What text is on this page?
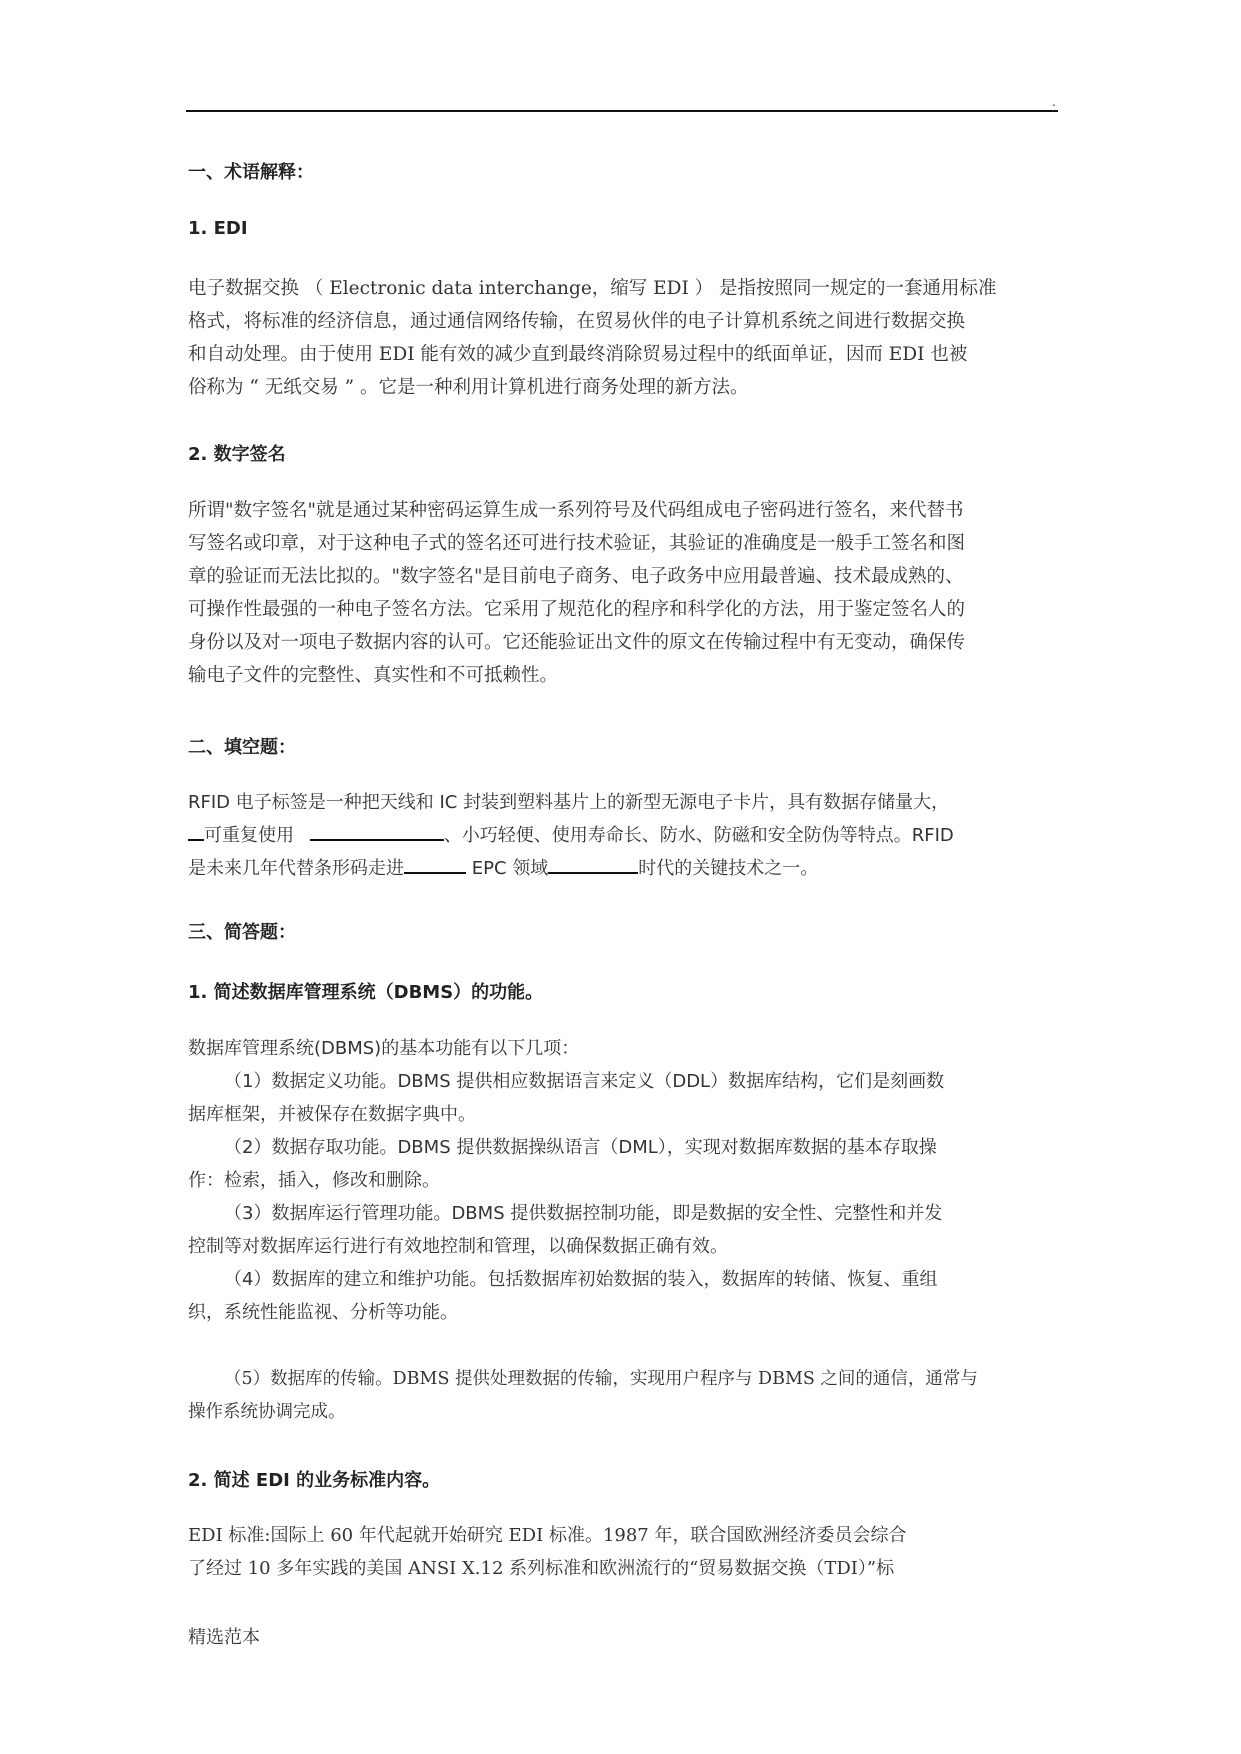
.
一、术语解释：
1. EDI
电子数据交换 （ Electronic data interchange，缩写 EDI ） 是指按照同一规定的一套通用标准
格式，将标准的经济信息，通过通信网络传输，在贸易伙伴的电子计算机系统之间进行数据交换
和自动处理。由于使用 EDI 能有效的减少直到最终消除贸易过程中的纸面单证，因而 EDI 也被
俗称为 “ 无纸交易 ” 。它是一种利用计算机进行商务处理的新方法。
2. 数字签名
所谓"数字签名"就是通过某种密码运算生成一系列符号及代码组成电子密码进行签名，来代替书
写签名或印章，对于这种电子式的签名还可进行技术验证，其验证的准确度是一般手工签名和图
章的验证而无法比拟的。"数字签名"是目前电子商务、电子政务中应用最普遍、技术最成熟的、
可操作性最强的一种电子签名方法。它采用了规范化的程序和科学化的方法，用于鉴定签名人的
身份以及对一项电子数据内容的认可。它还能验证出文件的原文在传输过程中有无变动，确保传
输电子文件的完整性、真实性和不可抵赖性。
二、填空题：
RFID 电子标签是一种把天线和 IC 封装到塑料基片上的新型无源电子卡片，具有数据存储量大，
可重复使用	、小巧轻便、使用寿命长、防水、防磁和安全防伪等特点。RFID
是未来几年代替条形码走进	EPC 领域	时代的关键技术之一。
三、简答题：
1. 简述数据库管理系统（DBMS）的功能。
数据库管理系统(DBMS)的基本功能有以下几项：
（1）数据定义功能。DBMS 提供相应数据语言来定义（DDL）数据库结构，它们是刻画数
据库框架，并被保存在数据字典中。
（2）数据存取功能。DBMS 提供数据操纵语言（DML），实现对数据库数据的基本存取操
作：检索，插入，修改和删除。
（3）数据库运行管理功能。DBMS 提供数据控制功能，即是数据的安全性、完整性和并发
控制等对数据库运行进行有效地控制和管理，以确保数据正确有效。
（4）数据库的建立和维护功能。包括数据库初始数据的装入，数据库的转储、恢复、重组
织，系统性能监视、分析等功能。
（5）数据库的传输。DBMS 提供处理数据的传输，实现用户程序与 DBMS 之间的通信，通常与
操作系统协调完成。
2. 简述 EDI 的业务标准内容。
EDI 标准:国际上 60 年代起就开始研究 EDI 标准。1987 年，联合国欧洲经济委员会综合
了经过 10 多年实践的美国 ANSI X.12 系列标准和欧洲流行的“贸易数据交换（TDI）”标
精选范本
